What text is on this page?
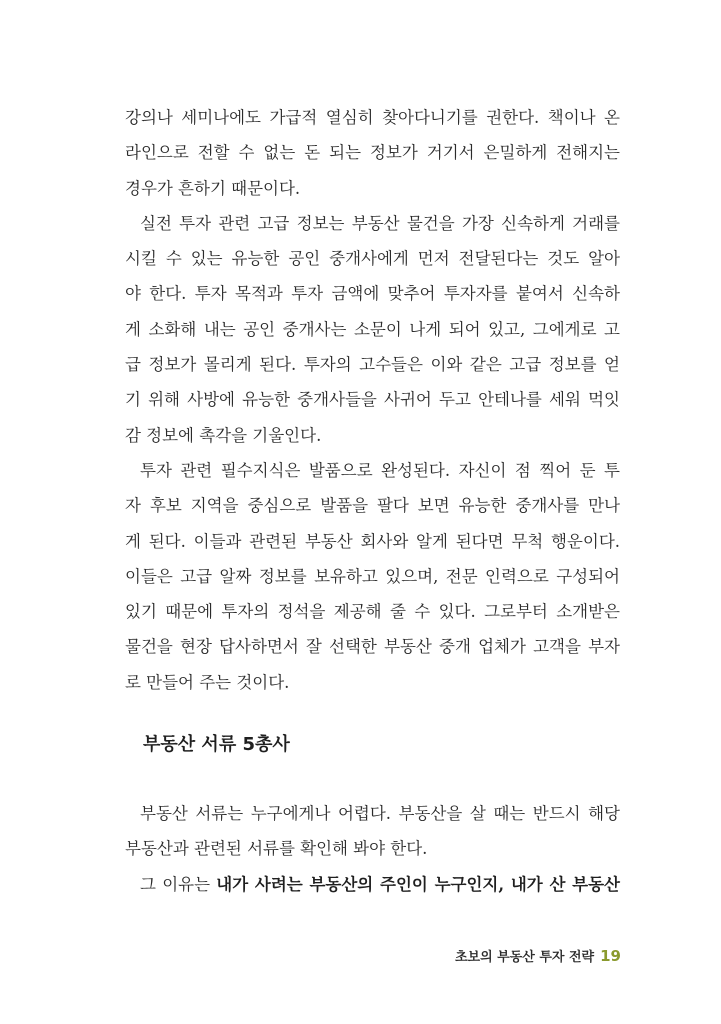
강의나 세미나에도 가급적 열심히 찾아다니기를 권한다. 책이나 온
라인으로 전할 수 없는 돈 되는 정보가 거기서 은밀하게 전해지는
경우가 흔하기 때문이다.
실전 투자 관련 고급 정보는 부동산 물건을 가장 신속하게 거래를
시킬 수 있는 유능한 공인 중개사에게 먼저 전달된다는 것도 알아
야 한다. 투자 목적과 투자 금액에 맞추어 투자자를 붙여서 신속하
게 소화해 내는 공인 중개사는 소문이 나게 되어 있고, 그에게로 고
급 정보가 몰리게 된다. 투자의 고수들은 이와 같은 고급 정보를 얻
기 위해 사방에 유능한 중개사들을 사귀어 두고 안테나를 세워 먹잇
감 정보에 촉각을 기울인다.
투자 관련 필수지식은 발품으로 완성된다. 자신이 점 찍어 둔 투
자 후보 지역을 중심으로 발품을 팔다 보면 유능한 중개사를 만나
게 된다. 이들과 관련된 부동산 회사와 알게 된다면 무척 행운이다.
이들은 고급 알짜 정보를 보유하고 있으며, 전문 인력으로 구성되어
있기 때문에 투자의 정석을 제공해 줄 수 있다. 그로부터 소개받은
물건을 현장 답사하면서 잘 선택한 부동산 중개 업체가 고객을 부자
로 만들어 주는 것이다.
부동산 서류 5총사
부동산 서류는 누구에게나 어렵다. 부동산을 살 때는 반드시 해당
부동산과 관련된 서류를 확인해 봐야 한다.
그 이유는 내가 사려는 부동산의 주인이 누구인지, 내가 산 부동산
초보의 부동산 투자 전략 19
